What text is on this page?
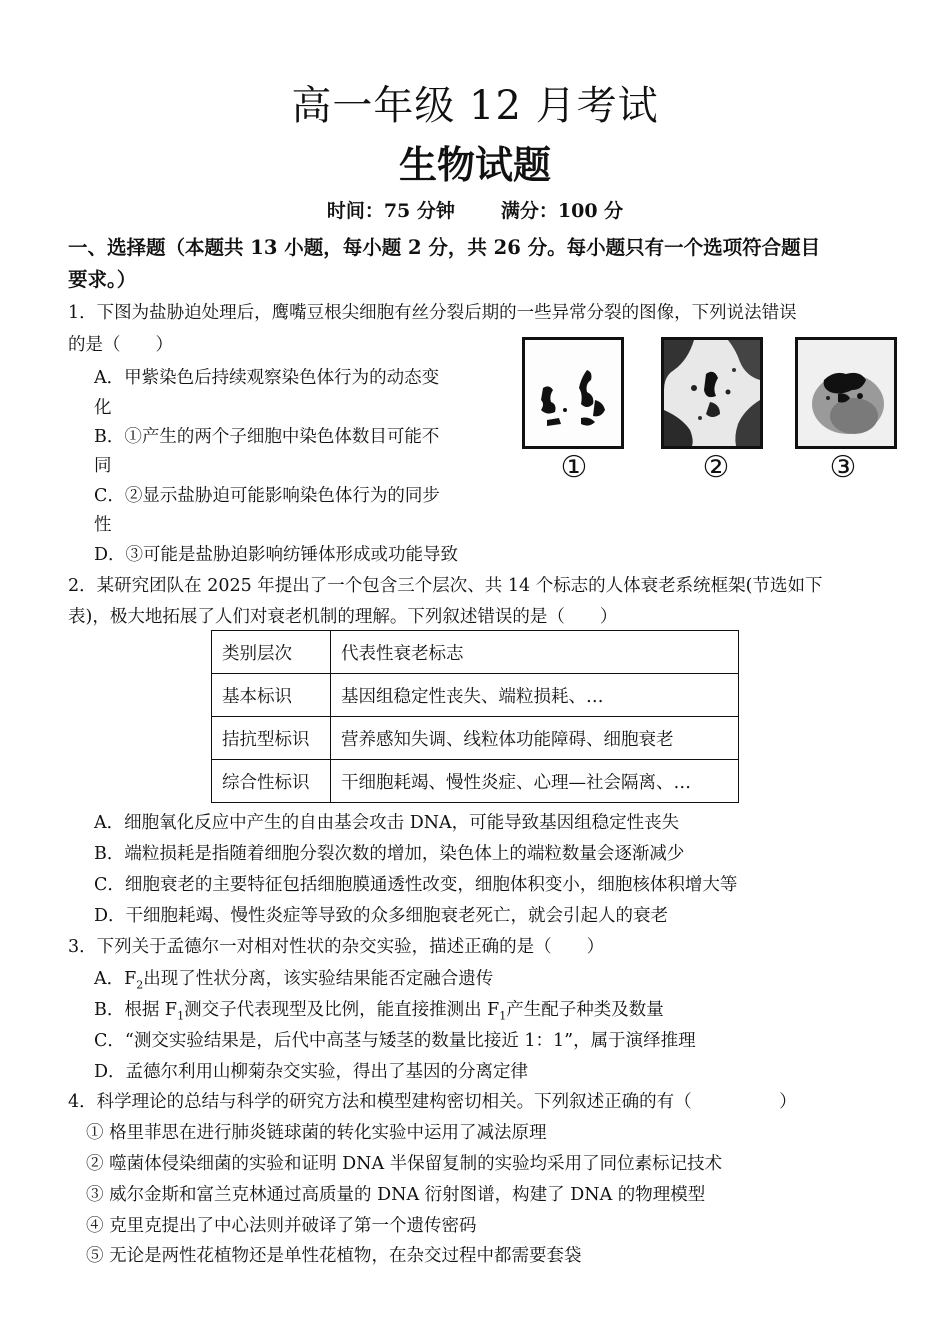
高一年级 12 月考试
生物试题
时间：75 分钟 满分：100 分
一、选择题（本题共 13 小题，每小题 2 分，共 26 分。每小题只有一个选项符合题目
要求。）
1．下图为盐胁迫处理后，鹰嘴豆根尖细胞有丝分裂后期的一些异常分裂的图像，下列说法错误
的是（　　）
A．甲紫染色后持续观察染色体行为的动态变
化
B．①产生的两个子细胞中染色体数目可能不
同
C．②显示盐胁迫可能影响染色体行为的同步
性
D．③可能是盐胁迫影响纺锤体形成或功能导致
①	②	③
2．某研究团队在 2025 年提出了一个包含三个层次、共 14 个标志的人体衰老系统框架(节选如下
表)，极大地拓展了人们对衰老机制的理解。下列叙述错误的是（　　）
类别层次	代表性衰老标志
基本标识	基因组稳定性丧失、端粒损耗、…
拮抗型标识	营养感知失调、线粒体功能障碍、细胞衰老
综合性标识	干细胞耗竭、慢性炎症、心理—社会隔离、…
A．细胞氧化反应中产生的自由基会攻击 DNA，可能导致基因组稳定性丧失
B．端粒损耗是指随着细胞分裂次数的增加，染色体上的端粒数量会逐渐减少
C．细胞衰老的主要特征包括细胞膜通透性改变，细胞体积变小，细胞核体积增大等
D．干细胞耗竭、慢性炎症等导致的众多细胞衰老死亡，就会引起人的衰老
3．下列关于孟德尔一对相对性状的杂交实验，描述正确的是（　　）
A．$F_2$出现了性状分离，该实验结果能否定融合遗传
B．根据 $F_1$测交子代表现型及比例，能直接推测出 $F_1$产生配子种类及数量
C．“测交实验结果是，后代中高茎与矮茎的数量比接近 1：1”，属于演绎推理
D．孟德尔利用山柳菊杂交实验，得出了基因的分离定律
4．科学理论的总结与科学的研究方法和模型建构密切相关。下列叙述正确的有（　　　　　）
① 格里菲思在进行肺炎链球菌的转化实验中运用了减法原理
② 噬菌体侵染细菌的实验和证明 DNA 半保留复制的实验均采用了同位素标记技术
③ 威尔金斯和富兰克林通过高质量的 DNA 衍射图谱，构建了 DNA 的物理模型
④ 克里克提出了中心法则并破译了第一个遗传密码
⑤ 无论是两性花植物还是单性花植物，在杂交过程中都需要套袋
